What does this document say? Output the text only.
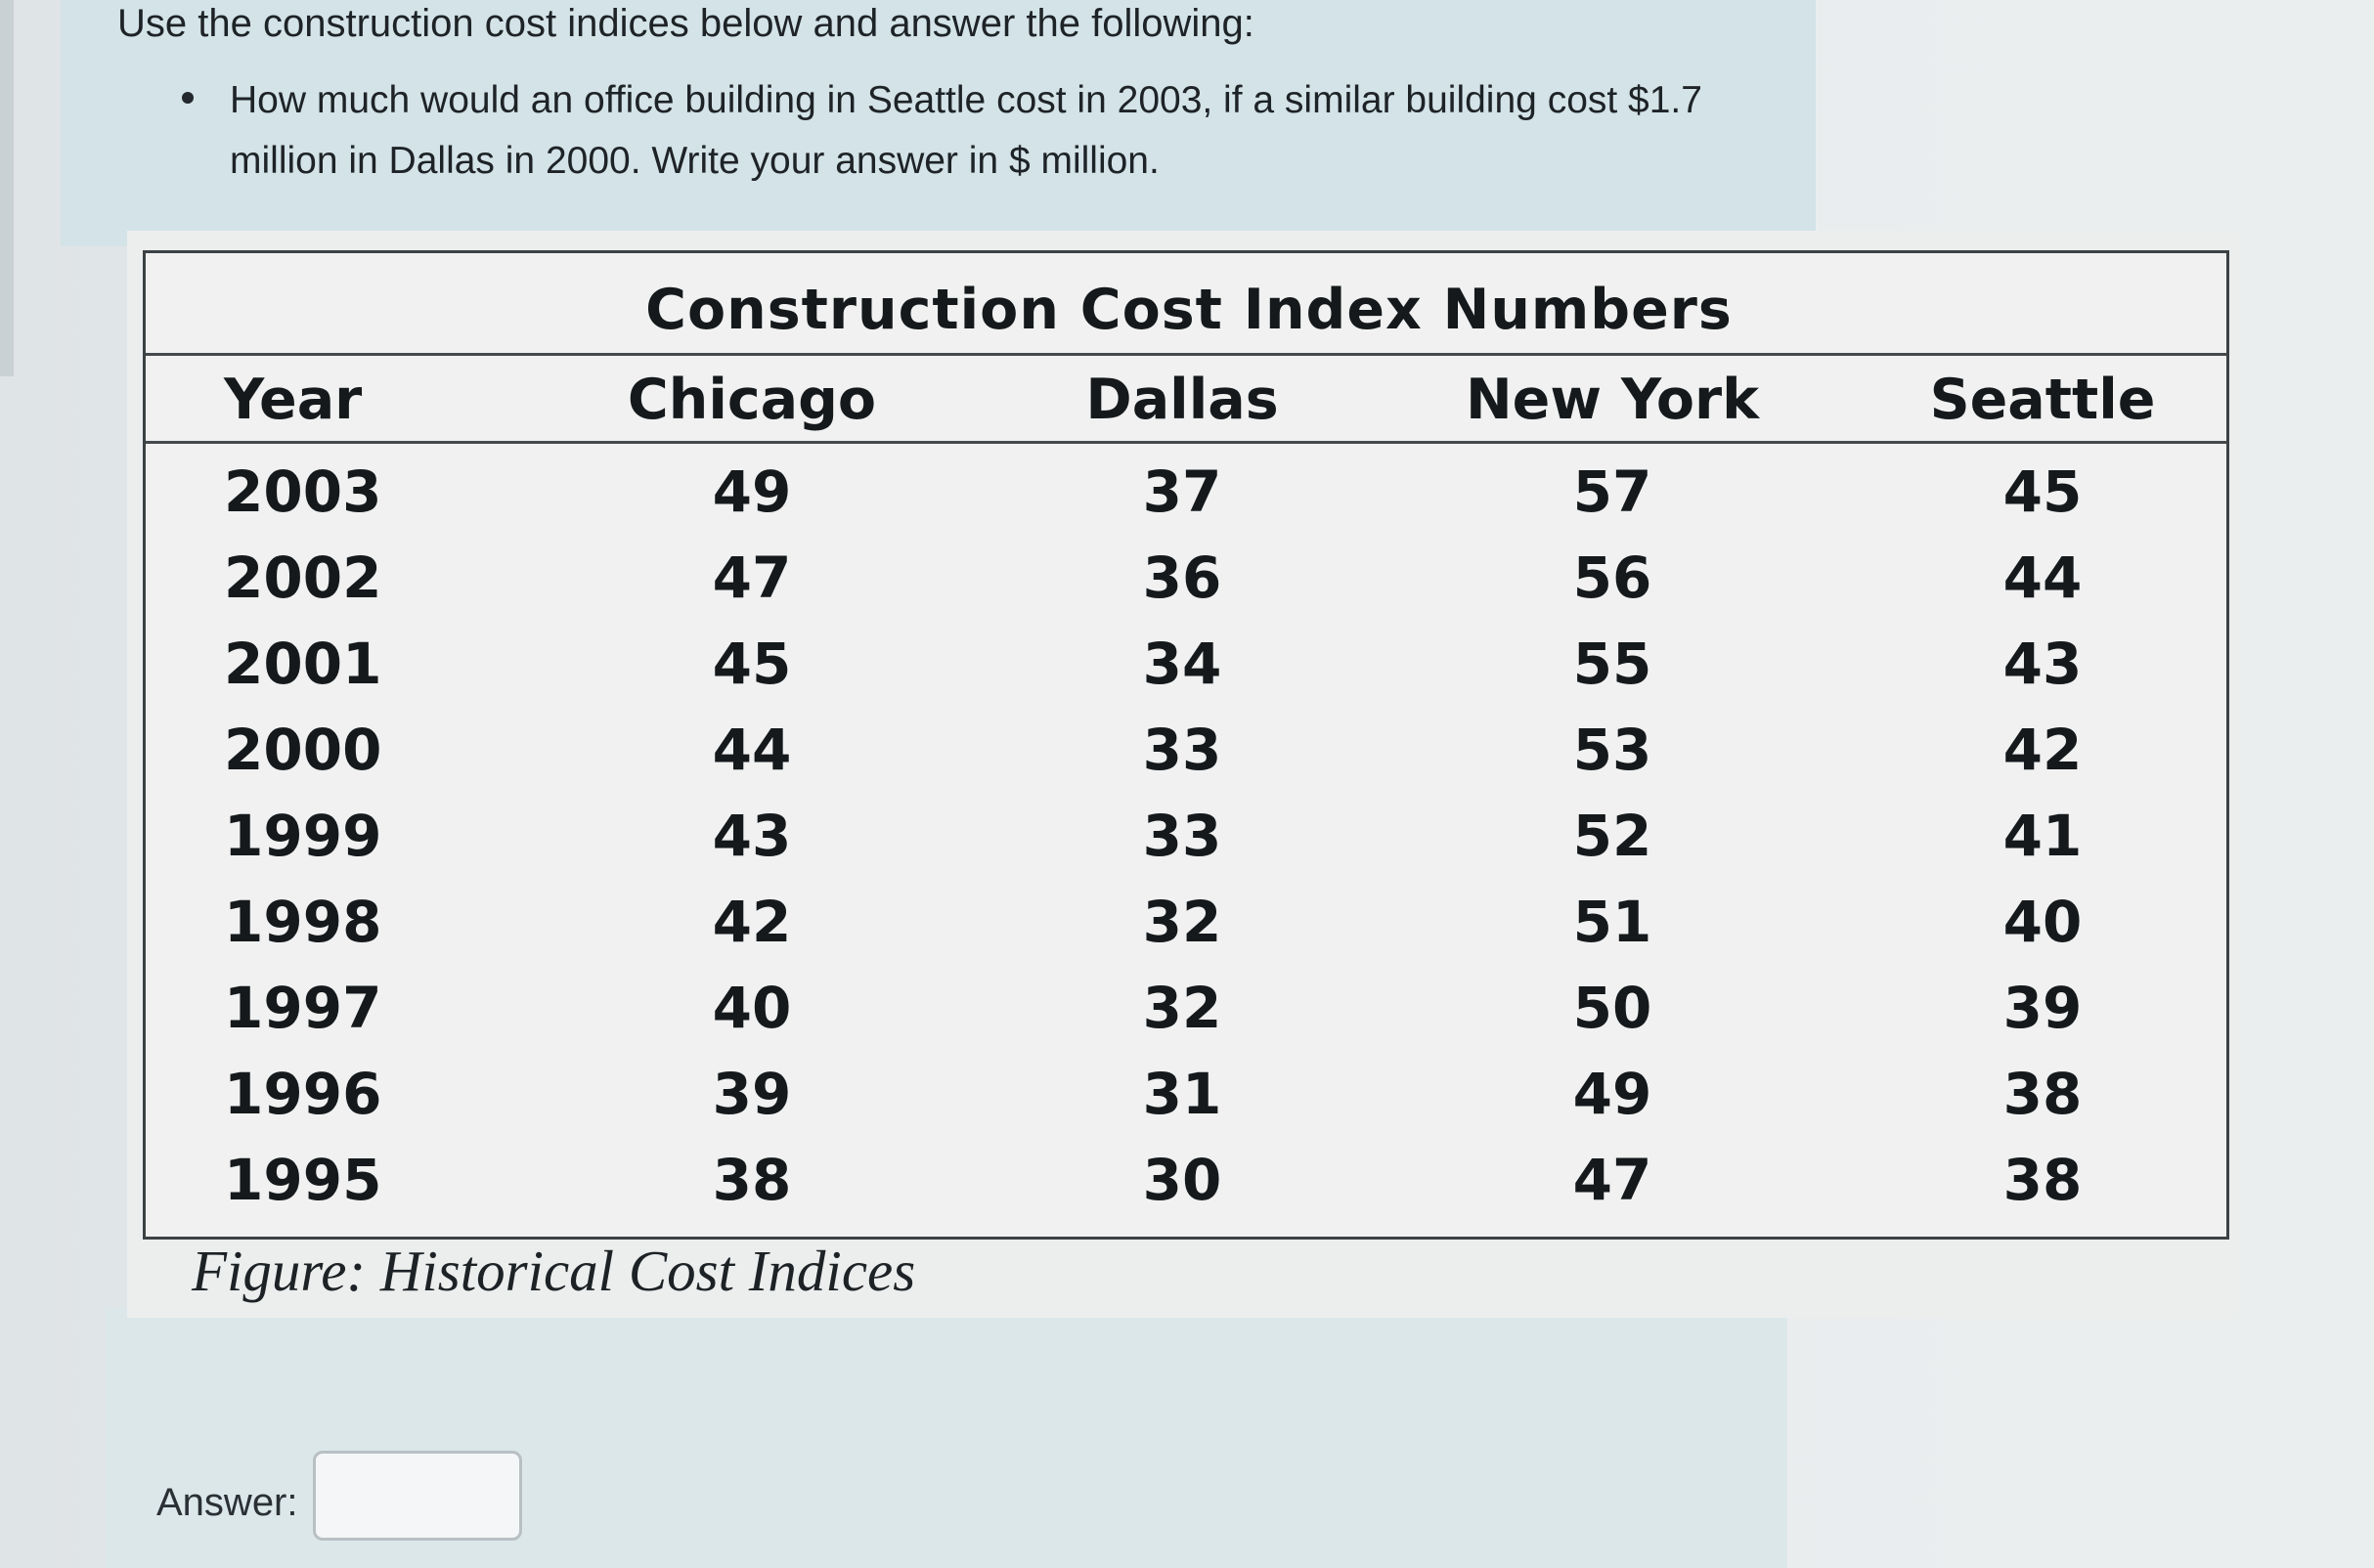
Use the construction cost indices below and answer the following:
How much would an office building in Seattle cost in 2003, if a similar building cost $1.7 million in Dallas in 2000. Write your answer in $ million.
Construction Cost Index Numbers
Year	Chicago	Dallas	New York	Seattle
2003	49	37	57	45
2002	47	36	56	44
2001	45	34	55	43
2000	44	33	53	42
1999	43	33	52	41
1998	42	32	51	40
1997	40	32	50	39
1996	39	31	49	38
1995	38	30	47	38
Figure: Historical Cost Indices
Answer:
